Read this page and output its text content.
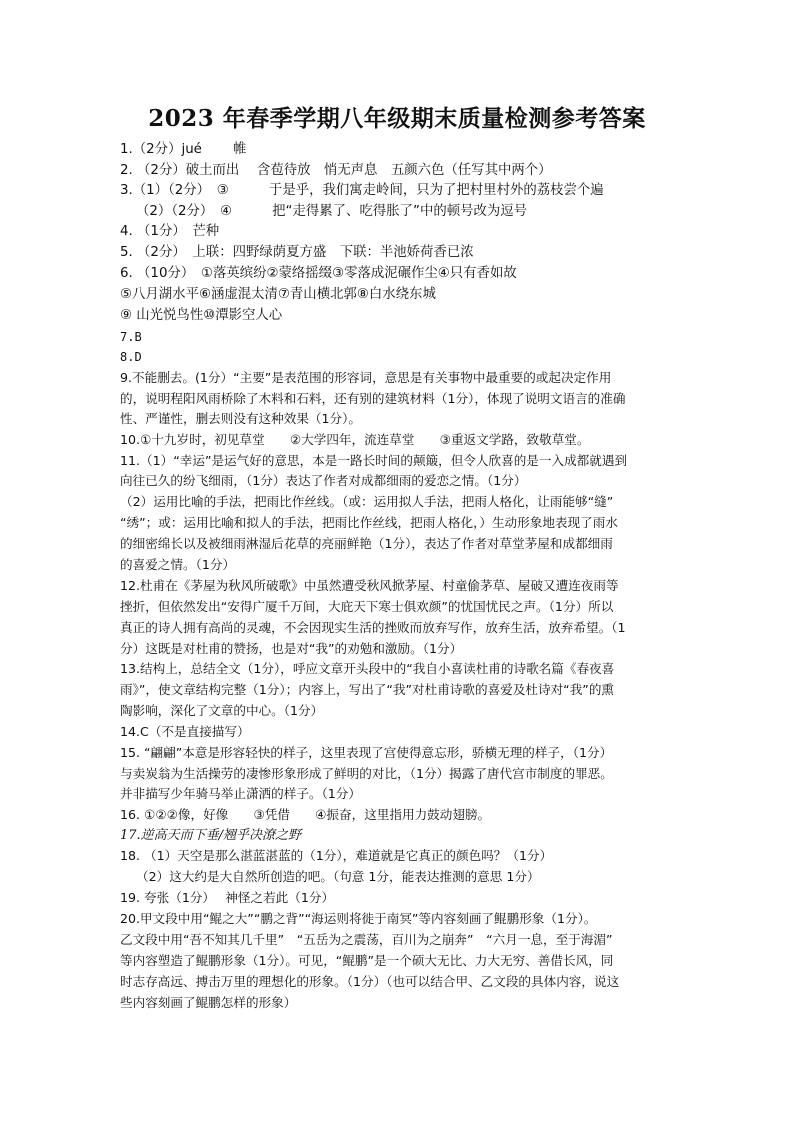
2023 年春季学期八年级期末质量检测参考答案
1.（2分）jué　　 帷
2. （2分）破土而出　 含苞待放　悄无声息　五颜六色（任写其中两个）
3.（1）（2分）　③　　　于是乎，我们寓走岭间，只为了把村里村外的荔枝尝个遍
（2）（2分）　④　　　把“走得累了、吃得胀了”中的顿号改为逗号
4. （1分）　芒种
5. （2分）　上联：四野绿荫夏方盛　下联：半池娇荷香已浓
6. （10分）　①落英缤纷②蒙络摇缀③零落成泥碾作尘④只有香如故
⑤八月湖水平⑥涵虚混太清⑦青山横北郭⑧白水绕东城
⑨ 山光悦鸟性⑩潭影空人心
7.B
8.D
9.不能删去。(1分）“主要”是表范围的形容词，意思是有关事物中最重要的或起决定作用
的，说明程阳风雨桥除了木料和石料，还有别的建筑材料（1分），体现了说明文语言的准确
性、严谨性，删去则没有这种效果（1分）。
10.①十九岁时，初见草堂　　②大学四年，流连草堂　　③重返文学路，致敬草堂。
11.（1）“幸运”是运气好的意思，本是一路长时间的颠簸，但令人欣喜的是一入成都就遇到
向往已久的纷飞细雨，（1分）表达了作者对成都细雨的爱恋之情。（1分）
（2）运用比喻的手法，把雨比作丝线。（或：运用拟人手法，把雨人格化，让雨能够“缝”
“绣”；或：运用比喻和拟人的手法，把雨比作丝线，把雨人格化，）生动形象地表现了雨水
的细密绵长以及被细雨淋湿后花草的亮丽鲜艳（1分），表达了作者对草堂茅屋和成都细雨
的喜爱之情。（1分）
12.杜甫在《茅屋为秋风所破歌》中虽然遭受秋风掀茅屋、村童偷茅草、屋破又遭连夜雨等
挫折，但依然发出“安得广厦千万间，大庇天下寒士俱欢颜”的忧国忧民之声。（1分）所以
真正的诗人拥有高尚的灵魂，不会因现实生活的挫败而放弃写作，放弃生活，放弃希望。（1
分）这既是对杜甫的赞扬，也是对“我”的劝勉和激励。（1分）
13.结构上，总结全文（1分），呼应文章开头段中的“我自小喜读杜甫的诗歌名篇《春夜喜
雨》”，使文章结构完整（1分）；内容上，写出了“我”对杜甫诗歌的喜爱及杜诗对“我”的熏
陶影响，深化了文章的中心。（1分）
14.C（不是直接描写）
15. “翩翩”本意是形容轻快的样子，这里表现了宫使得意忘形，骄横无理的样子，（1分）
与卖炭翁为生活操劳的凄惨形象形成了鲜明的对比，（1分）揭露了唐代宫市制度的罪恶。
并非描写少年骑马举止潇洒的样子。（1分）
16. ①②②像，好像　　③凭借　　④振奋，这里指用力鼓动翅膀。
17.逆高天而下垂/翘乎决潦之野
18. （1）天空是那么湛蓝湛蓝的（1分），难道就是它真正的颜色吗？（1分）
（2）这大约是大自然所创造的吧。（句意 1分，能表达推测的意思 1分）
19. 夸张（1分）　 神怪之若此（1分）
20.甲文段中用“鲲之大”“鹏之背”“海运则将徙于南冥”等内容刻画了鲲鹏形象（1分）。
乙文段中用“吾不知其几千里”　“五岳为之震荡，百川为之崩奔”　“六月一息，至于海湄”
等内容塑造了鲲鹏形象（1分）。可见，“鲲鹏”是一个硕大无比、力大无穷、善借长风，同
时志存高远、搏击万里的理想化的形象。（1分）（也可以结合甲、乙文段的具体内容，说这
些内容刻画了鲲鹏怎样的形象）
